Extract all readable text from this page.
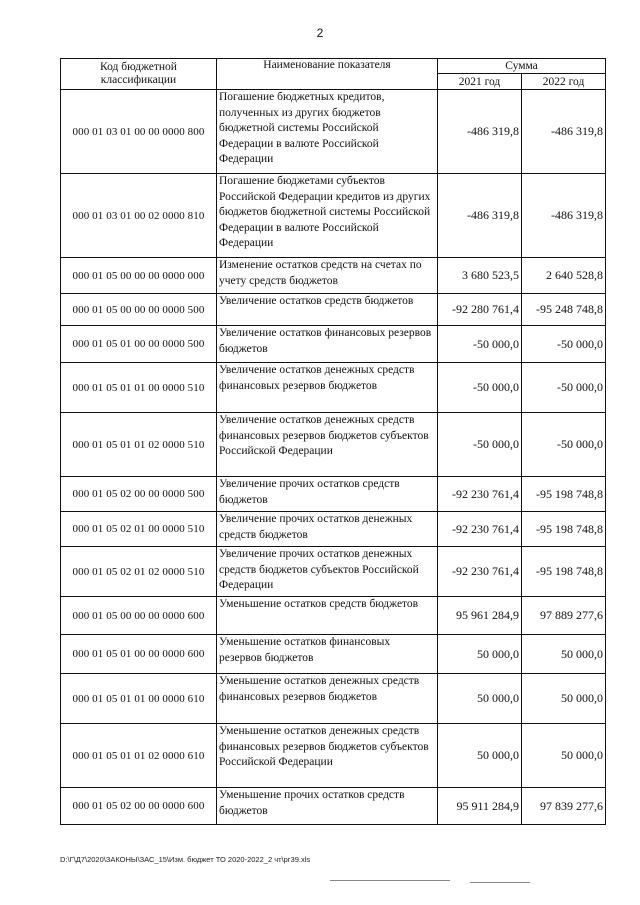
2
Код бюджетной классификации	Наименование показателя	Сумма	
		2021 год	2022 год
000 01 03 01 00 00 0000 800	Погашение бюджетных кредитов, полученных из других бюджетов бюджетной системы Российской Федерации в валюте Российской Федерации	-486 319,8	-486 319,8
000 01 03 01 00 02 0000 810	Погашение бюджетами субъектов Российской Федерации кредитов из других бюджетов бюджетной системы Российской Федерации в валюте Российской Федерации	-486 319,8	-486 319,8
000 01 05 00 00 00 0000 000	Изменение остатков средств на счетах по учету средств бюджетов	3 680 523,5	2 640 528,8
000 01 05 00 00 00 0000 500	Увеличение остатков средств бюджетов	-92 280 761,4	-95 248 748,8
000 01 05 01 00 00 0000 500	Увеличение остатков финансовых резервов бюджетов	-50 000,0	-50 000,0
000 01 05 01 01 00 0000 510	Увеличение остатков денежных средств финансовых резервов бюджетов	-50 000,0	-50 000,0
000 01 05 01 01 02 0000 510	Увеличение остатков денежных средств финансовых резервов бюджетов субъектов Российской Федерации	-50 000,0	-50 000,0
000 01 05 02 00 00 0000 500	Увеличение прочих остатков средств бюджетов	-92 230 761,4	-95 198 748,8
000 01 05 02 01 00 0000 510	Увеличение прочих остатков денежных средств бюджетов	-92 230 761,4	-95 198 748,8
000 01 05 02 01 02 0000 510	Увеличение прочих остатков денежных средств бюджетов субъектов Российской Федерации	-92 230 761,4	-95 198 748,8
000 01 05 00 00 00 0000 600	Уменьшение остатков средств бюджетов	95 961 284,9	97 889 277,6
000 01 05 01 00 00 0000 600	Уменьшение остатков финансовых резервов бюджетов	50 000,0	50 000,0
000 01 05 01 01 00 0000 610	Уменьшение остатков денежных средств финансовых резервов бюджетов	50 000,0	50 000,0
000 01 05 01 01 02 0000 610	Уменьшение остатков денежных средств финансовых резервов бюджетов субъектов Российской Федерации	50 000,0	50 000,0
000 01 05 02 00 00 0000 600	Уменьшение прочих остатков средств бюджетов	95 911 284,9	97 839 277,6
D:\Г\Д7\2020\ЗАКОНЫ\ЗАС_15\Изм. бюджет ТО 2020-2022_2 чт\рг39.xls
